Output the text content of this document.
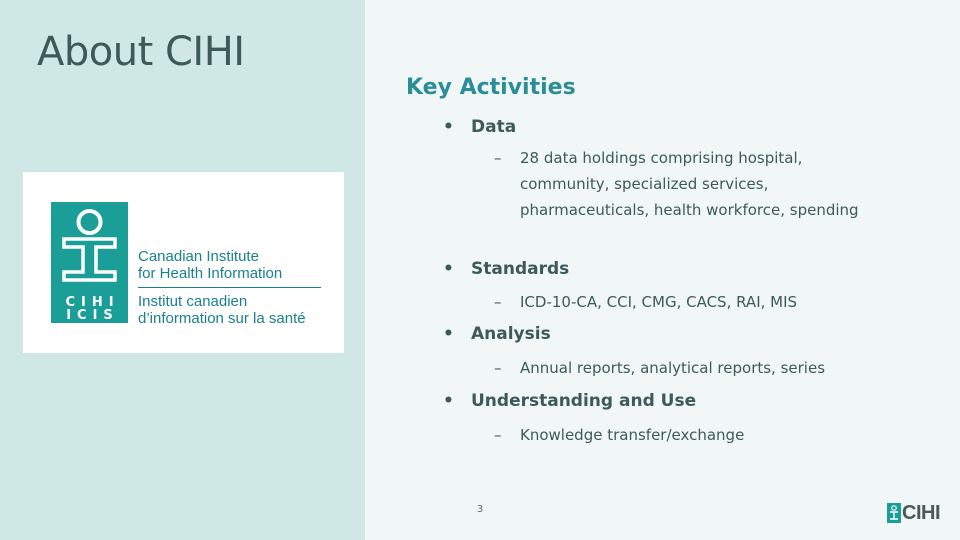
About CIHI
CIHI
ICIS
Canadian Institute
for Health Information
Institut canadien
d’information sur la santé
Key Activities
• Data
– 28 data holdings comprising hospital, community, specialized services, pharmaceuticals, health workforce, spending
• Standards
– ICD-10-CA, CCI, CMG, CACS, RAI, MIS
• Analysis
– Annual reports, analytical reports, series
• Understanding and Use
– Knowledge transfer/exchange
3	CIHI
